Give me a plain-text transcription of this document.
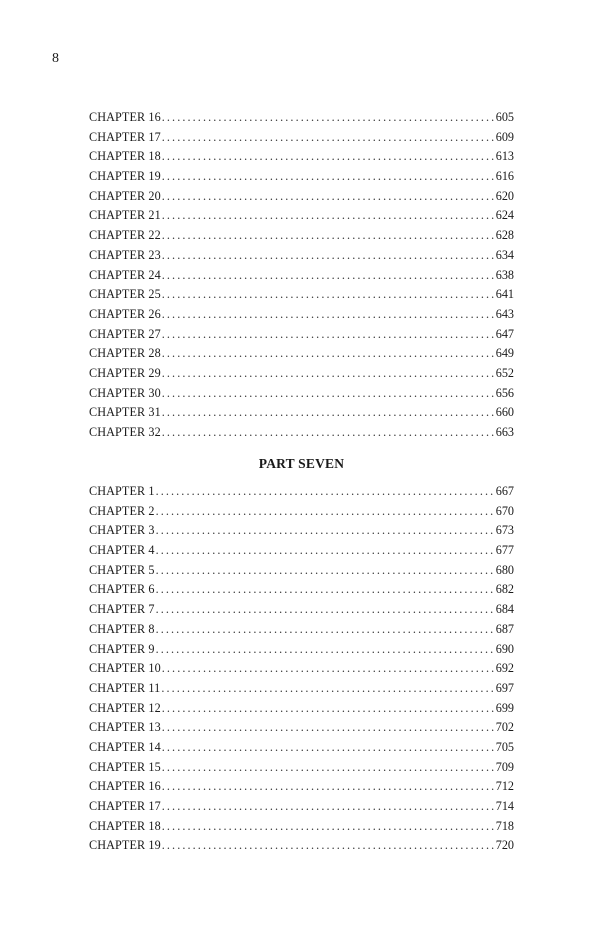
8
CHAPTER 16 .....	605
CHAPTER 17 .....	609
CHAPTER 18 .....	613
CHAPTER 19 .....	616
CHAPTER 20 .....	620
CHAPTER 21 .....	624
CHAPTER 22 .....	628
CHAPTER 23 .....	634
CHAPTER 24 .....	638
CHAPTER 25 .....	641
CHAPTER 26 .....	643
CHAPTER 27 .....	647
CHAPTER 28 .....	649
CHAPTER 29 .....	652
CHAPTER 30 .....	656
CHAPTER 31 .....	660
CHAPTER 32 .....	663
PART SEVEN
CHAPTER 1 .....	667
CHAPTER 2 .....	670
CHAPTER 3 .....	673
CHAPTER 4 .....	677
CHAPTER 5 .....	680
CHAPTER 6 .....	682
CHAPTER 7 .....	684
CHAPTER 8 .....	687
CHAPTER 9 .....	690
CHAPTER 10 .....	692
CHAPTER 11 .....	697
CHAPTER 12 .....	699
CHAPTER 13 .....	702
CHAPTER 14 .....	705
CHAPTER 15 .....	709
CHAPTER 16 .....	712
CHAPTER 17 .....	714
CHAPTER 18 .....	718
CHAPTER 19 .....	720
